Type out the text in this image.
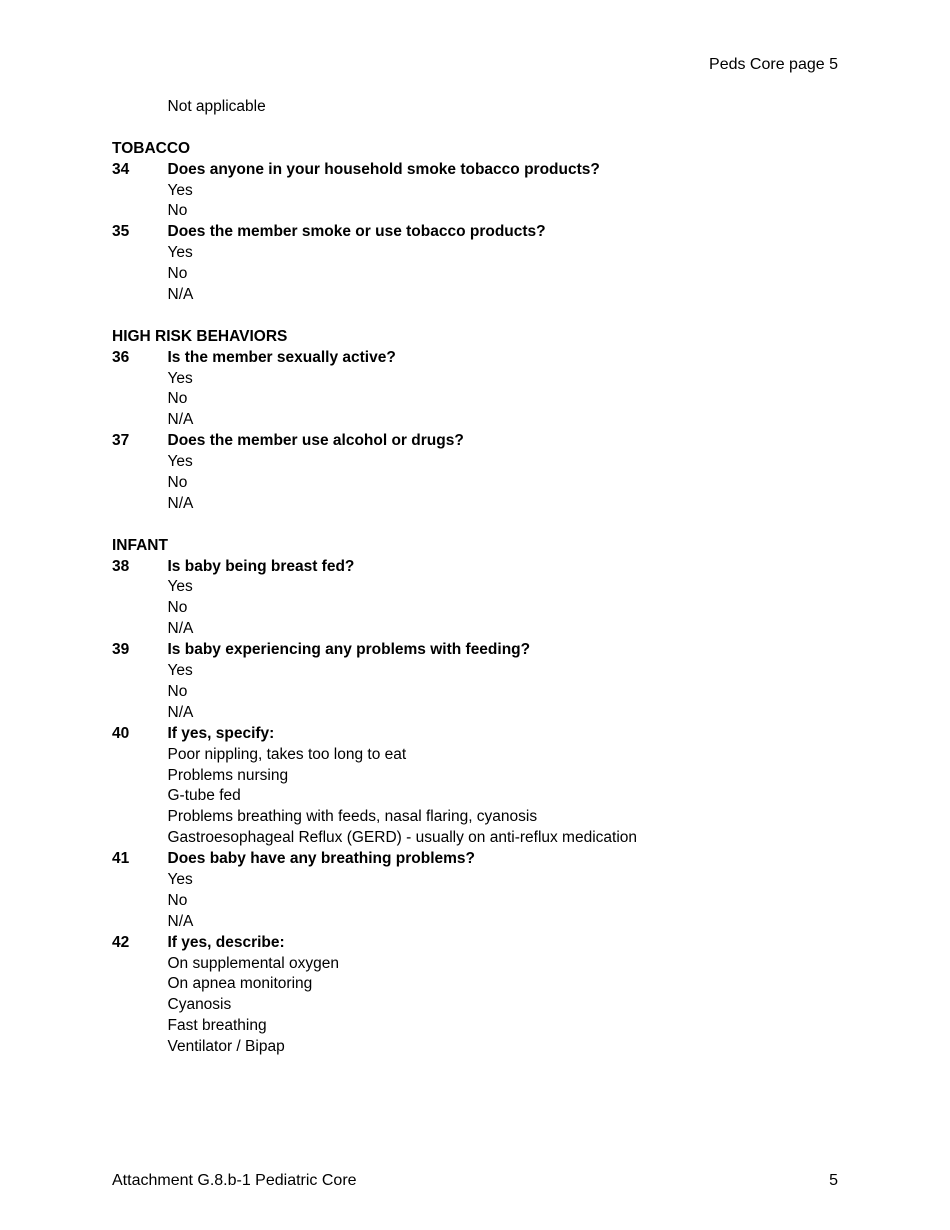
Peds Core page 5
Not applicable
TOBACCO
34	Does anyone in your household smoke tobacco products?
Yes
No
35	Does the member smoke or use tobacco products?
Yes
No
N/A
HIGH RISK BEHAVIORS
36	Is the member sexually active?
Yes
No
N/A
37	Does the member use alcohol or drugs?
Yes
No
N/A
INFANT
38	Is baby being breast fed?
Yes
No
N/A
39	Is baby experiencing any problems with feeding?
Yes
No
N/A
40	If yes, specify:
Poor nippling, takes too long to eat
Problems nursing
G-tube fed
Problems breathing with feeds, nasal flaring, cyanosis
Gastroesophageal Reflux (GERD) - usually on anti-reflux medication
41	Does baby have any breathing problems?
Yes
No
N/A
42	If yes, describe:
On supplemental oxygen
On apnea monitoring
Cyanosis
Fast breathing
Ventilator / Bipap
Attachment G.8.b-1 Pediatric Core	5
